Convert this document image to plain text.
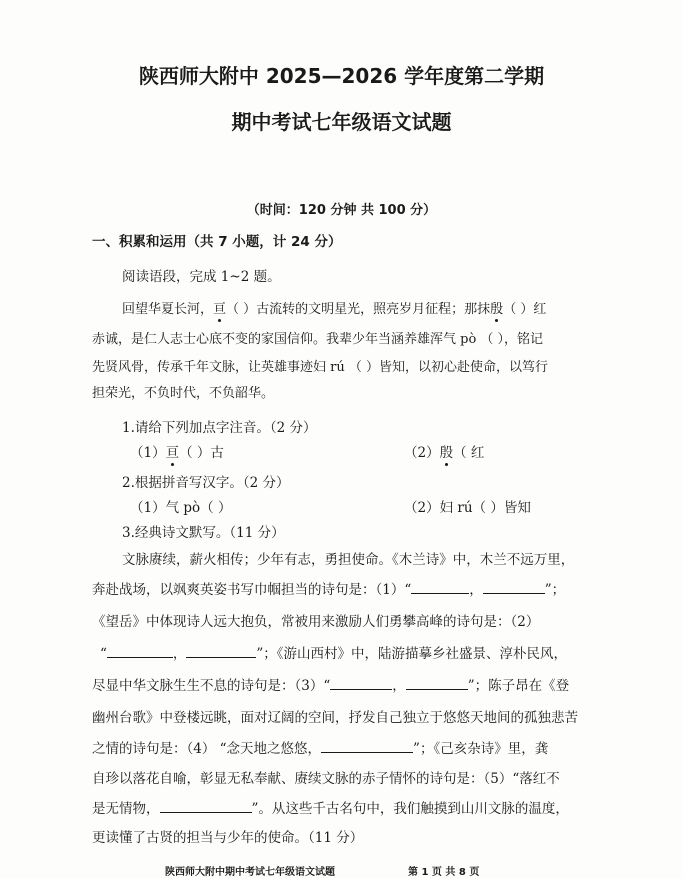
陕西师大附中 2025—2026 学年度第二学期
期中考试七年级语文试题
（时间：120 分钟 共 100 分）
一、积累和运用（共 7 小题，计 24 分）
阅读语段，完成 1~2 题。
回望华夏长河，亘（ ）古流转的文明星光，照亮岁月征程；那抹殷（ ）红
赤诚，是仁人志士心底不变的家国信仰。我辈少年当涵养雄浑气 pò （ ），铭记
先贤风骨，传承千年文脉，让英雄事迹妇 rú （ ）皆知，以初心赴使命，以笃行
担荣光，不负时代，不负韶华。
1.请给下列加点字注音。（2 分）
（1）亘（ ）古	（2）殷（ 红
2.根据拼音写汉字。（2 分）
（1）气 pò（ ）	（2）妇 rú（ ）皆知
3.经典诗文默写。（11 分）
文脉赓续，薪火相传；少年有志，勇担使命。《木兰诗》中，木兰不远万里，
奔赴战场，以飒爽英姿书写巾帼担当的诗句是：（1）“	，	”；
《望岳》中体现诗人远大抱负，常被用来激励人们勇攀高峰的诗句是：（2）
“	，	”；《游山西村》中，陆游描摹乡社盛景、淳朴民风，
尽显中华文脉生生不息的诗句是：（3）“	，	”；陈子昂在《登
幽州台歌》中登楼远眺，面对辽阔的空间，抒发自己独立于悠悠天地间的孤独悲苦
之情的诗句是：（4） “念天地之悠悠，	”；《己亥杂诗》里，龚
自珍以落花自喻，彰显无私奉献、赓续文脉的赤子情怀的诗句是：（5）“落红不
是无情物，	”。从这些千古名句中，我们触摸到山川文脉的温度，
更读懂了古贤的担当与少年的使命。（11 分）
陕西师大附中期中考试七年级语文试题	第 1 页 共 8 页
